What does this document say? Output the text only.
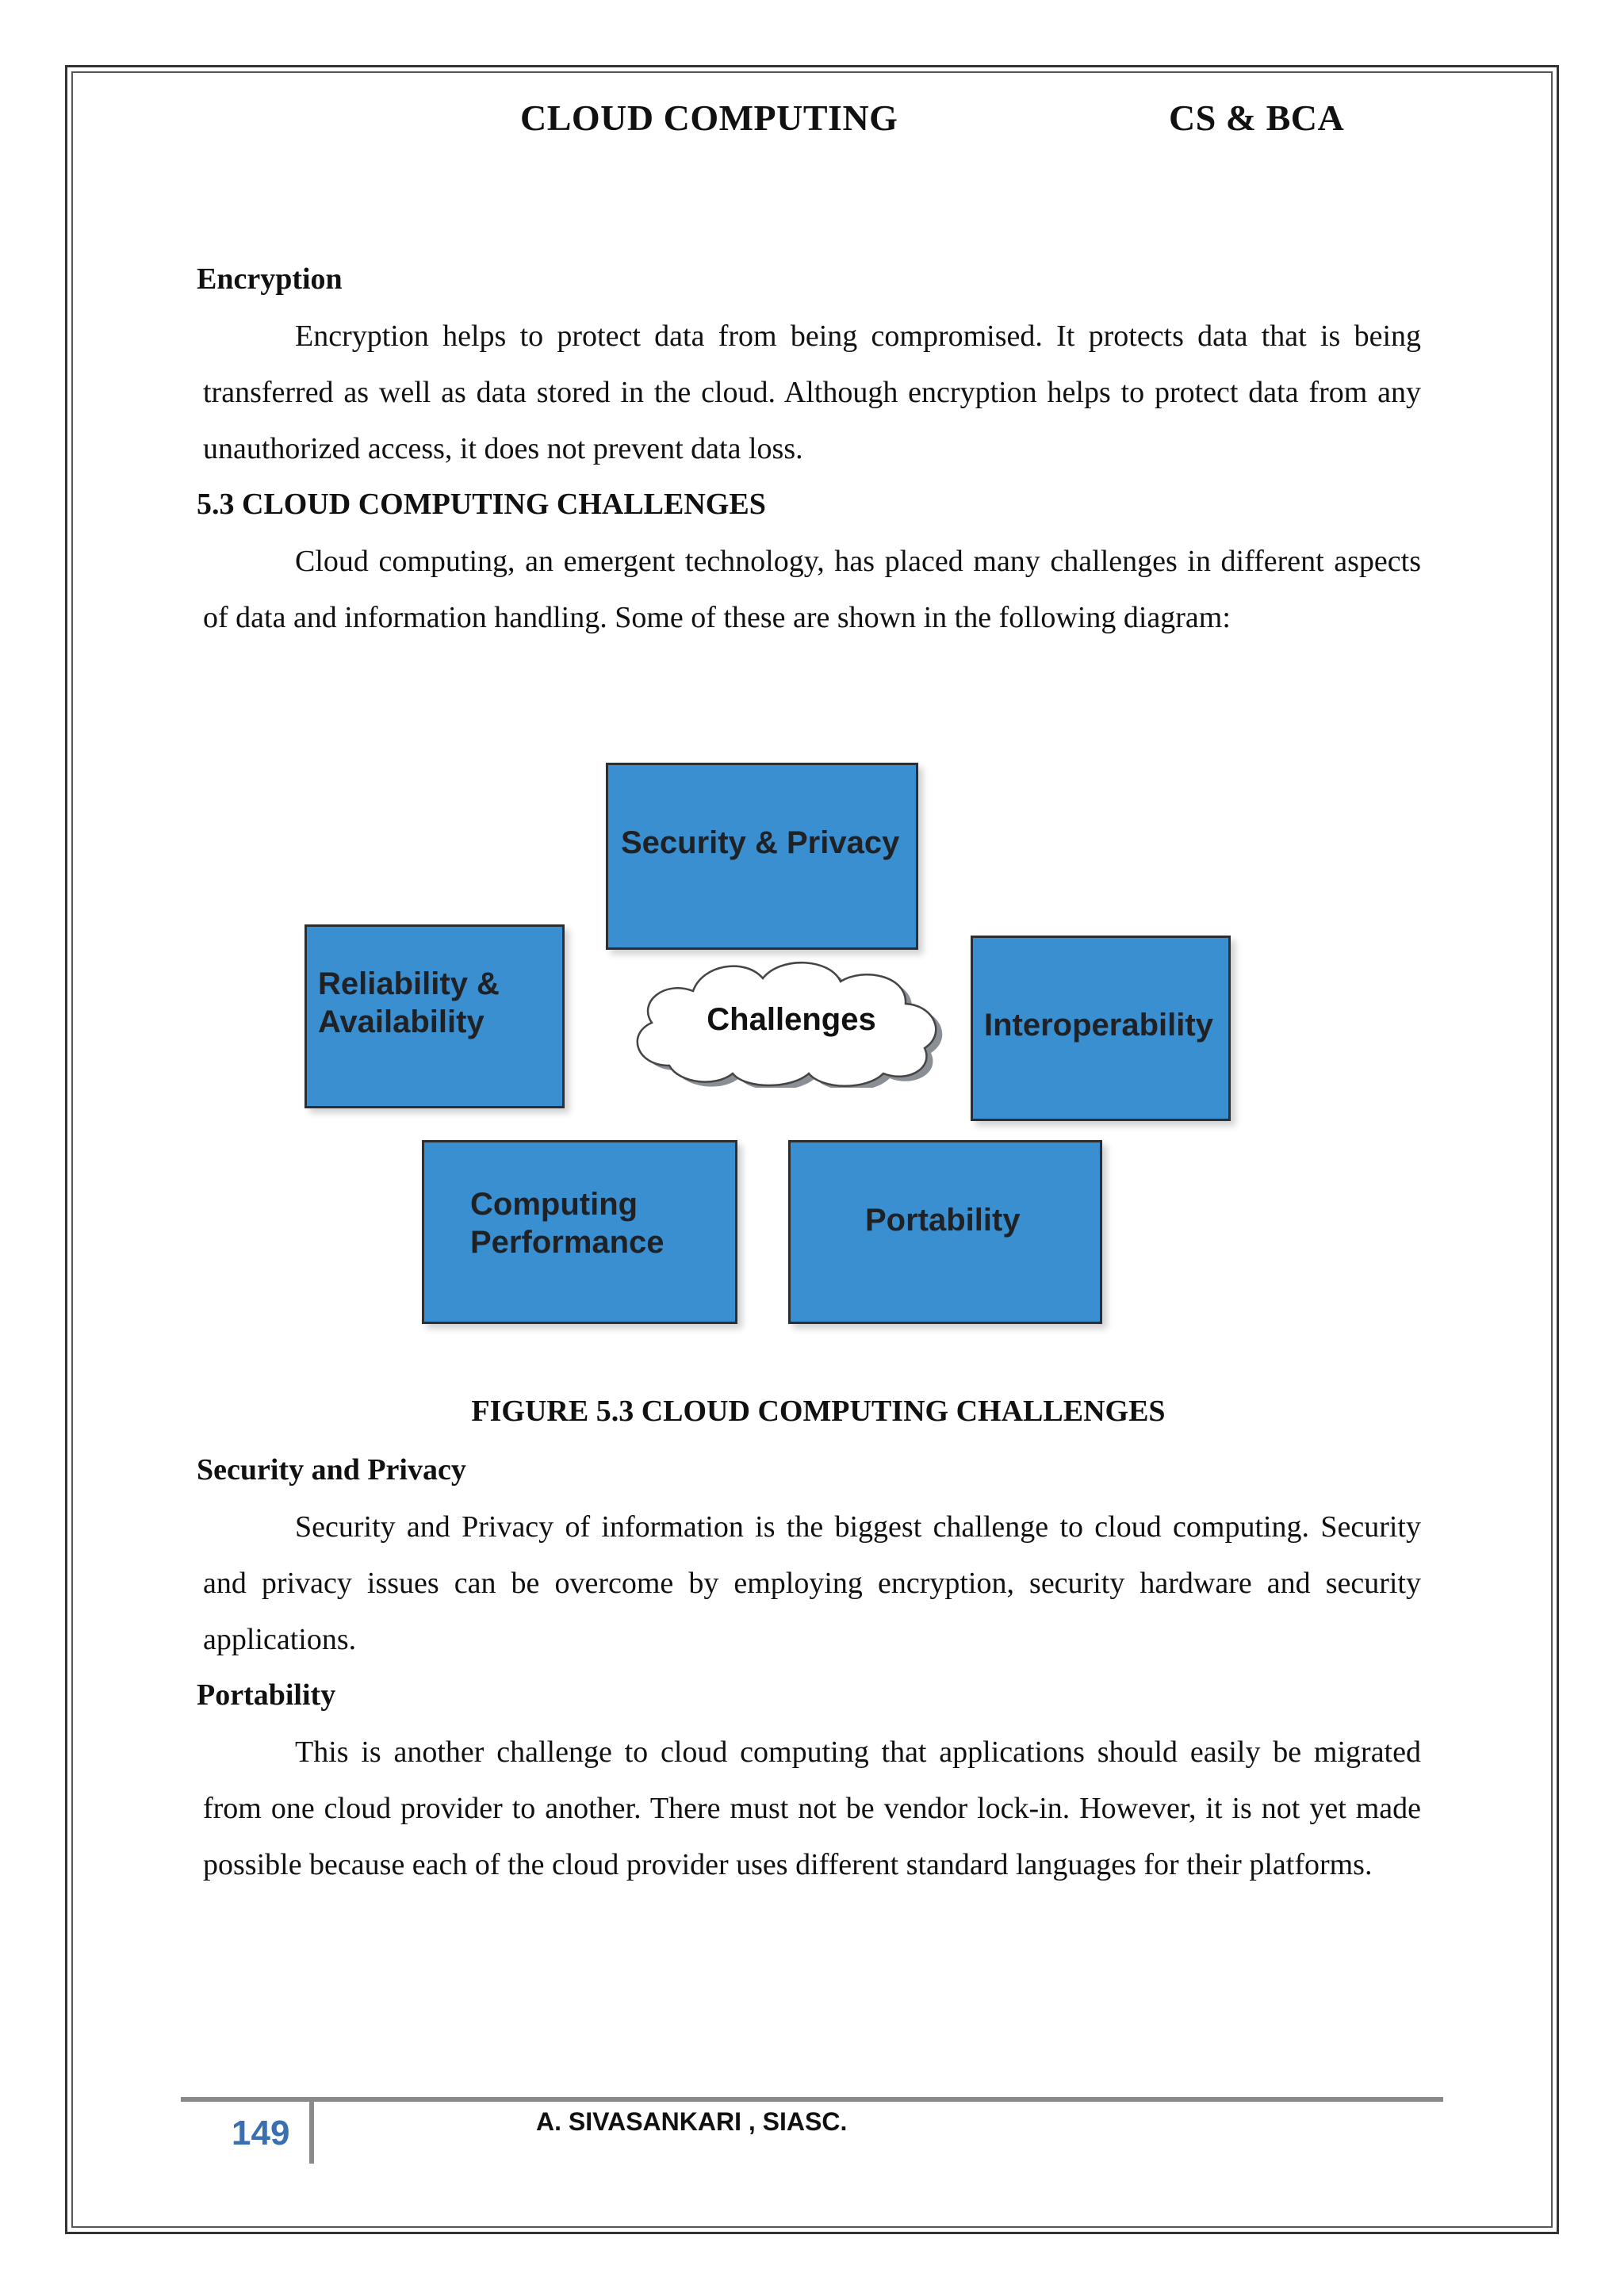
CLOUD COMPUTING	CS & BCA
Encryption
Encryption helps to protect data from being compromised. It protects data that is being transferred as well as data stored in the cloud. Although encryption helps to protect data from any unauthorized access, it does not prevent data loss.
5.3 CLOUD COMPUTING CHALLENGES
Cloud computing, an emergent technology, has placed many challenges in different aspects of data and information handling. Some of these are shown in the following diagram:
Security & Privacy
Reliability &
Availability	Interoperability
Computing
Performance
Portability
Challenges
FIGURE 5.3 CLOUD COMPUTING CHALLENGES
Security and Privacy
Security and Privacy of information is the biggest challenge to cloud computing. Security and privacy issues can be overcome by employing encryption, security hardware and security applications.
Portability
This is another challenge to cloud computing that applications should easily be migrated from one cloud provider to another. There must not be vendor lock-in. However, it is not yet made possible because each of the cloud provider uses different standard languages for their platforms.
149	A. SIVASANKARI , SIASC.
